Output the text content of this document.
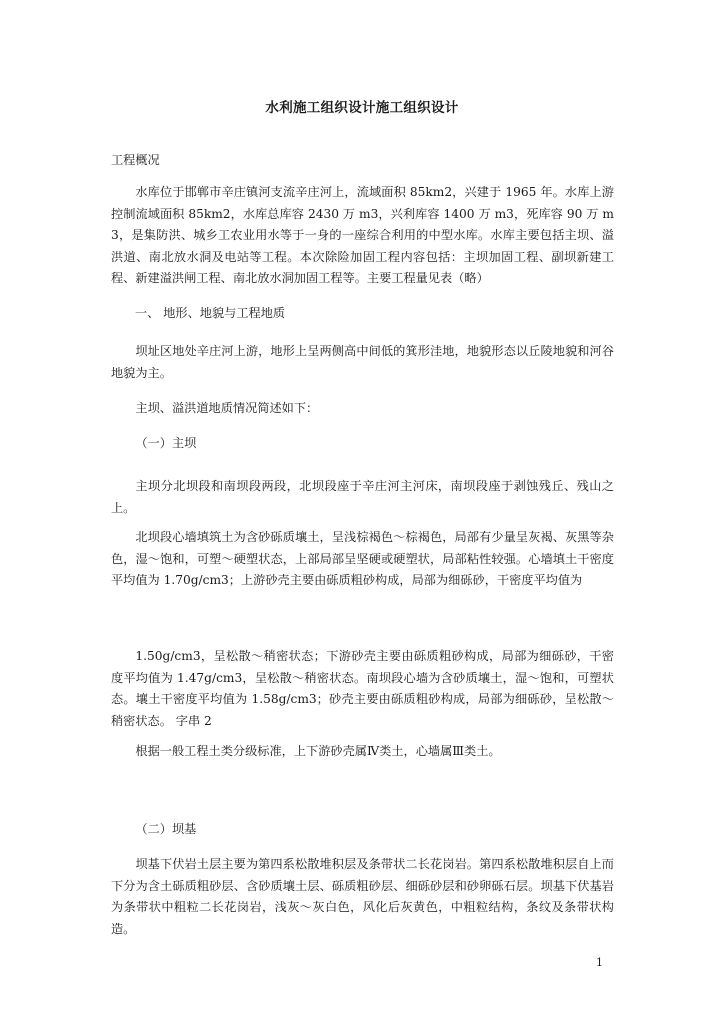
水利施工组织设计施工组织设计
工程概况
水库位于邯郸市辛庄镇河支流辛庄河上，流域面积 85km2，兴建于 1965 年。水库上游控制流域面积 85km2，水库总库容 2430 万 m3，兴利库容 1400 万 m3，死库容 90 万 m3，是集防洪、城乡工农业用水等于一身的一座综合利用的中型水库。水库主要包括主坝、溢洪道、南北放水洞及电站等工程。本次除险加固工程内容包括：主坝加固工程、副坝新建工程、新建溢洪闸工程、南北放水洞加固工程等。主要工程量见表（略）
一、 地形、地貌与工程地质
坝址区地处辛庄河上游，地形上呈两侧高中间低的箕形洼地，地貌形态以丘陵地貌和河谷地貌为主。
主坝、溢洪道地质情况简述如下：
（一）主坝
主坝分北坝段和南坝段两段，北坝段座于辛庄河主河床，南坝段座于剥蚀残丘、残山之上。
北坝段心墙填筑土为含砂砾质壤土，呈浅棕褐色～棕褐色，局部有少量呈灰褐、灰黑等杂色，湿～饱和，可塑～硬塑状态，上部局部呈坚硬或硬塑状，局部粘性较强。心墙填土干密度平均值为 1.70g/cm3；上游砂壳主要由砾质粗砂构成，局部为细砾砂，干密度平均值为
1.50g/cm3，呈松散～稍密状态；下游砂壳主要由砾质粗砂构成，局部为细砾砂，干密度平均值为 1.47g/cm3，呈松散～稍密状态。南坝段心墙为含砂质壤土，湿～饱和，可塑状态。壤土干密度平均值为 1.58g/cm3；砂壳主要由砾质粗砂构成，局部为细砾砂，呈松散～稍密状态。 字串 2
根据一般工程土类分级标准，上下游砂壳属Ⅳ类土，心墙属Ⅲ类土。
（二）坝基
坝基下伏岩土层主要为第四系松散堆积层及条带状二长花岗岩。第四系松散堆积层自上而下分为含土砾质粗砂层、含砂质壤土层、砾质粗砂层、细砾砂层和砂卵砾石层。坝基下伏基岩为条带状中粗粒二长花岗岩，浅灰～灰白色，风化后灰黄色，中粗粒结构，条纹及条带状构造。
1
